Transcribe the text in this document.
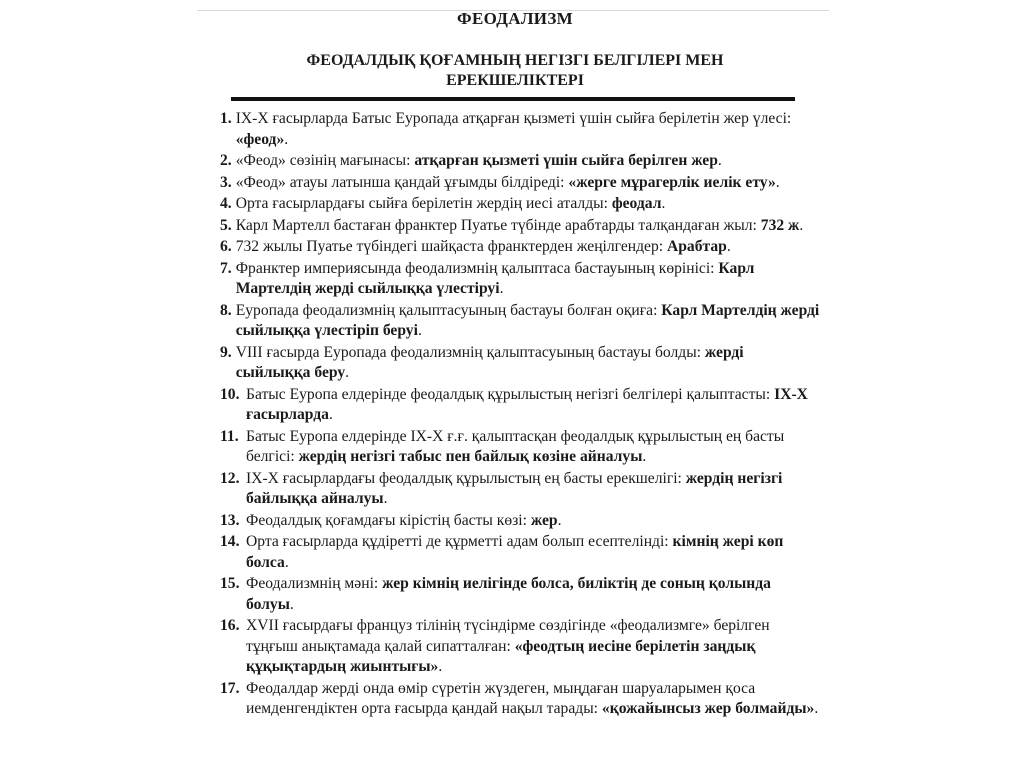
ФЕОДАЛИЗМ
ФЕОДАЛДЫҚ ҚОҒАМНЫҢ НЕГІЗГІ БЕЛГІЛЕРІ МЕН
ЕРЕКШЕЛІКТЕРІ
1. IX-X ғасырларда Батыс Еуропада атқарған қызметі үшін сыйға берілетін жер үлесі: «феод».
2. «Феод» сөзінің мағынасы: атқарған қызметі үшін сыйға берілген жер.
3. «Феод» атауы латынша қандай ұғымды білдіреді: «жерге мұрагерлік иелік ету».
4. Орта ғасырлардағы сыйға берілетін жердің иесі аталды: феодал.
5. Карл Мартелл бастаған франктер Пуатье түбінде арабтарды талқандаған жыл: 732 ж.
6. 732 жылы Пуатье түбіндегі шайқаста франктерден жеңілгендер: Арабтар.
7. Франктер империясында феодализмнің қалыптаса бастауының көрінісі: Карл Мартелдің жерді сыйлыққа үлестіруі.
8. Еуропада феодализмнің қалыптасуының бастауы болған оқиға: Карл Мартелдің жерді сыйлыққа үлестіріп беруі.
9. VIII ғасырда Еуропада феодализмнің қалыптасуының бастауы болды: жерді сыйлыққа беру.
10. Батыс Еуропа елдерінде феодалдық құрылыстың негізгі белгілері қалыптасты: IX-X ғасырларда.
11. Батыс Еуропа елдерінде IX-X ғ.ғ. қалыптасқан феодалдық құрылыстың ең басты белгісі: жердің негізгі табыс пен байлық көзіне айналуы.
12. IX-X ғасырлардағы феодалдық құрылыстың ең басты ерекшелігі: жердің негізгі байлыққа айналуы.
13. Феодалдық қоғамдағы кірістің басты көзі: жер.
14. Орта ғасырларда құдіретті де құрметті адам болып есептелінді: кімнің жері көп болса.
15. Феодализмнің мәні: жер кімнің иелігінде болса, биліктің де соның қолында болуы.
16. XVII ғасырдағы француз тілінің түсіндірме сөздігінде «феодализмге» берілген тұңғыш анықтамада қалай сипатталған: «феодтың иесіне берілетін заңдық құқықтардың жиынтығы».
17. Феодалдар жерді онда өмір сүретін жүздеген, мыңдаған шаруаларымен қоса иемденгендіктен орта ғасырда қандай нақыл тарады: «қожайынсыз жер болмайды».
